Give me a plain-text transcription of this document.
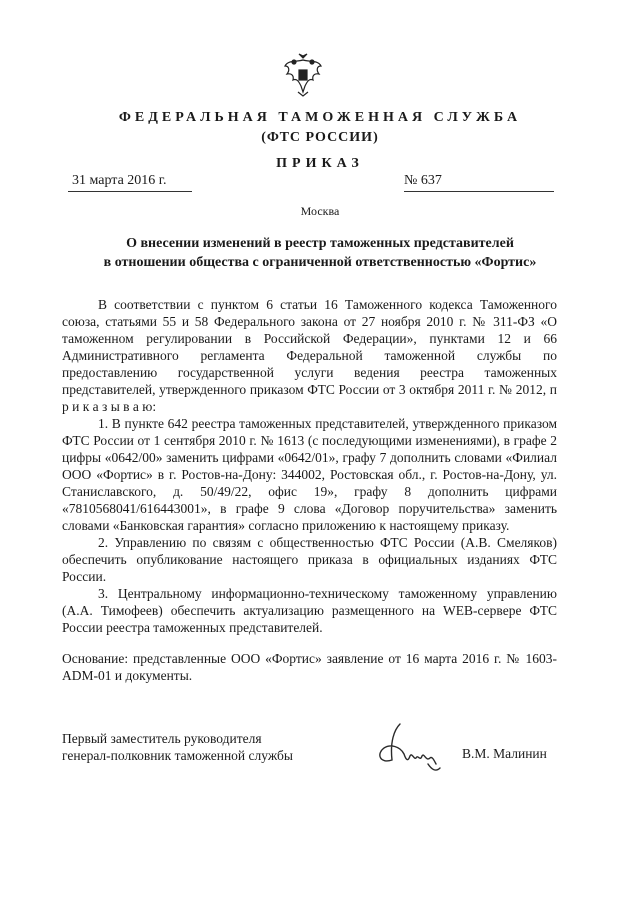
ФЕДЕРАЛЬНАЯ ТАМОЖЕННАЯ СЛУЖБА
(ФТС РОССИИ)
ПРИКАЗ
31 марта 2016 г.	№ 637
Москва
О внесении изменений в реестр таможенных представителей
в отношении общества с ограниченной ответственностью «Фортис»

В соответствии с пунктом 6 статьи 16 Таможенного кодекса Таможенного союза, статьями 55 и 58 Федерального закона от 27 ноября 2010 г. № 311-ФЗ «О таможенном регулировании в Российской Федерации», пунктами 12 и 66 Административного регламента Федеральной таможенной службы по предоставлению государственной услуги ведения реестра таможенных представителей, утвержденного приказом ФТС России от 3 октября 2011 г. № 2012, п р и к а з ы в а ю:

1. В пункте 642 реестра таможенных представителей, утвержденного приказом ФТС России от 1 сентября 2010 г. № 1613 (с последующими изменениями), в графе 2 цифры «0642/00» заменить цифрами «0642/01», графу 7 дополнить словами «Филиал ООО «Фортис» в г. Ростов-на-Дону: 344002, Ростовская обл., г. Ростов-на-Дону, ул. Станиславского, д. 50/49/22, офис 19», графу 8 дополнить цифрами «7810568041/616443001», в графе 9 слова «Договор поручительства» заменить словами «Банковская гарантия» согласно приложению к настоящему приказу.

2. Управлению по связям с общественностью ФТС России (А.В. Смеляков) обеспечить опубликование настоящего приказа в официальных изданиях ФТС России.

3. Центральному информационно-техническому таможенному управлению (А.А. Тимофеев) обеспечить актуализацию размещенного на WEB-сервере ФТС России реестра таможенных представителей.

Основание: представленные ООО «Фортис» заявление от 16 марта 2016 г. № 1603-ADM-01 и документы.

Первый заместитель руководителя
генерал-полковник таможенной службы	В.М. Малинин
